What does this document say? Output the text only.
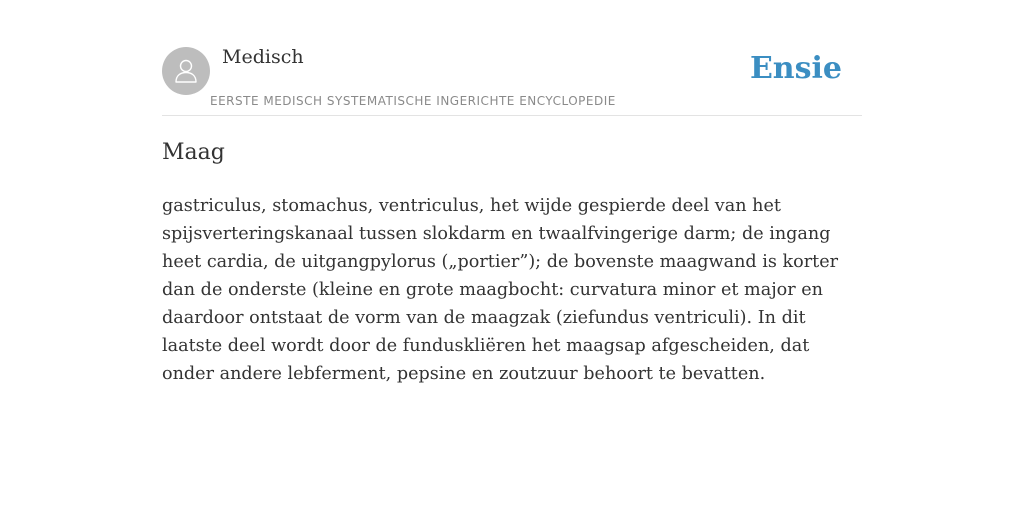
Medisch
EERSTE MEDISCH SYSTEMATISCHE INGERICHTE ENCYCLOPEDIE
Ensie
Maag

gastriculus, stomachus, ventriculus, het wijde gespierde deel van het spijsverteringskanaal tussen slokdarm en twaalfvingerige darm; de ingang heet cardia, de uitgangpylorus („portier”); de bovenste maagwand is korter dan de onderste (kleine en grote maagbocht: curvatura minor et major en daardoor ontstaat de vorm van de maagzak (ziefundus ventriculi). In dit laatste deel wordt door de funduskliëren het maagsap afgescheiden, dat onder andere lebferment, pepsine en zoutzuur behoort te bevatten.
